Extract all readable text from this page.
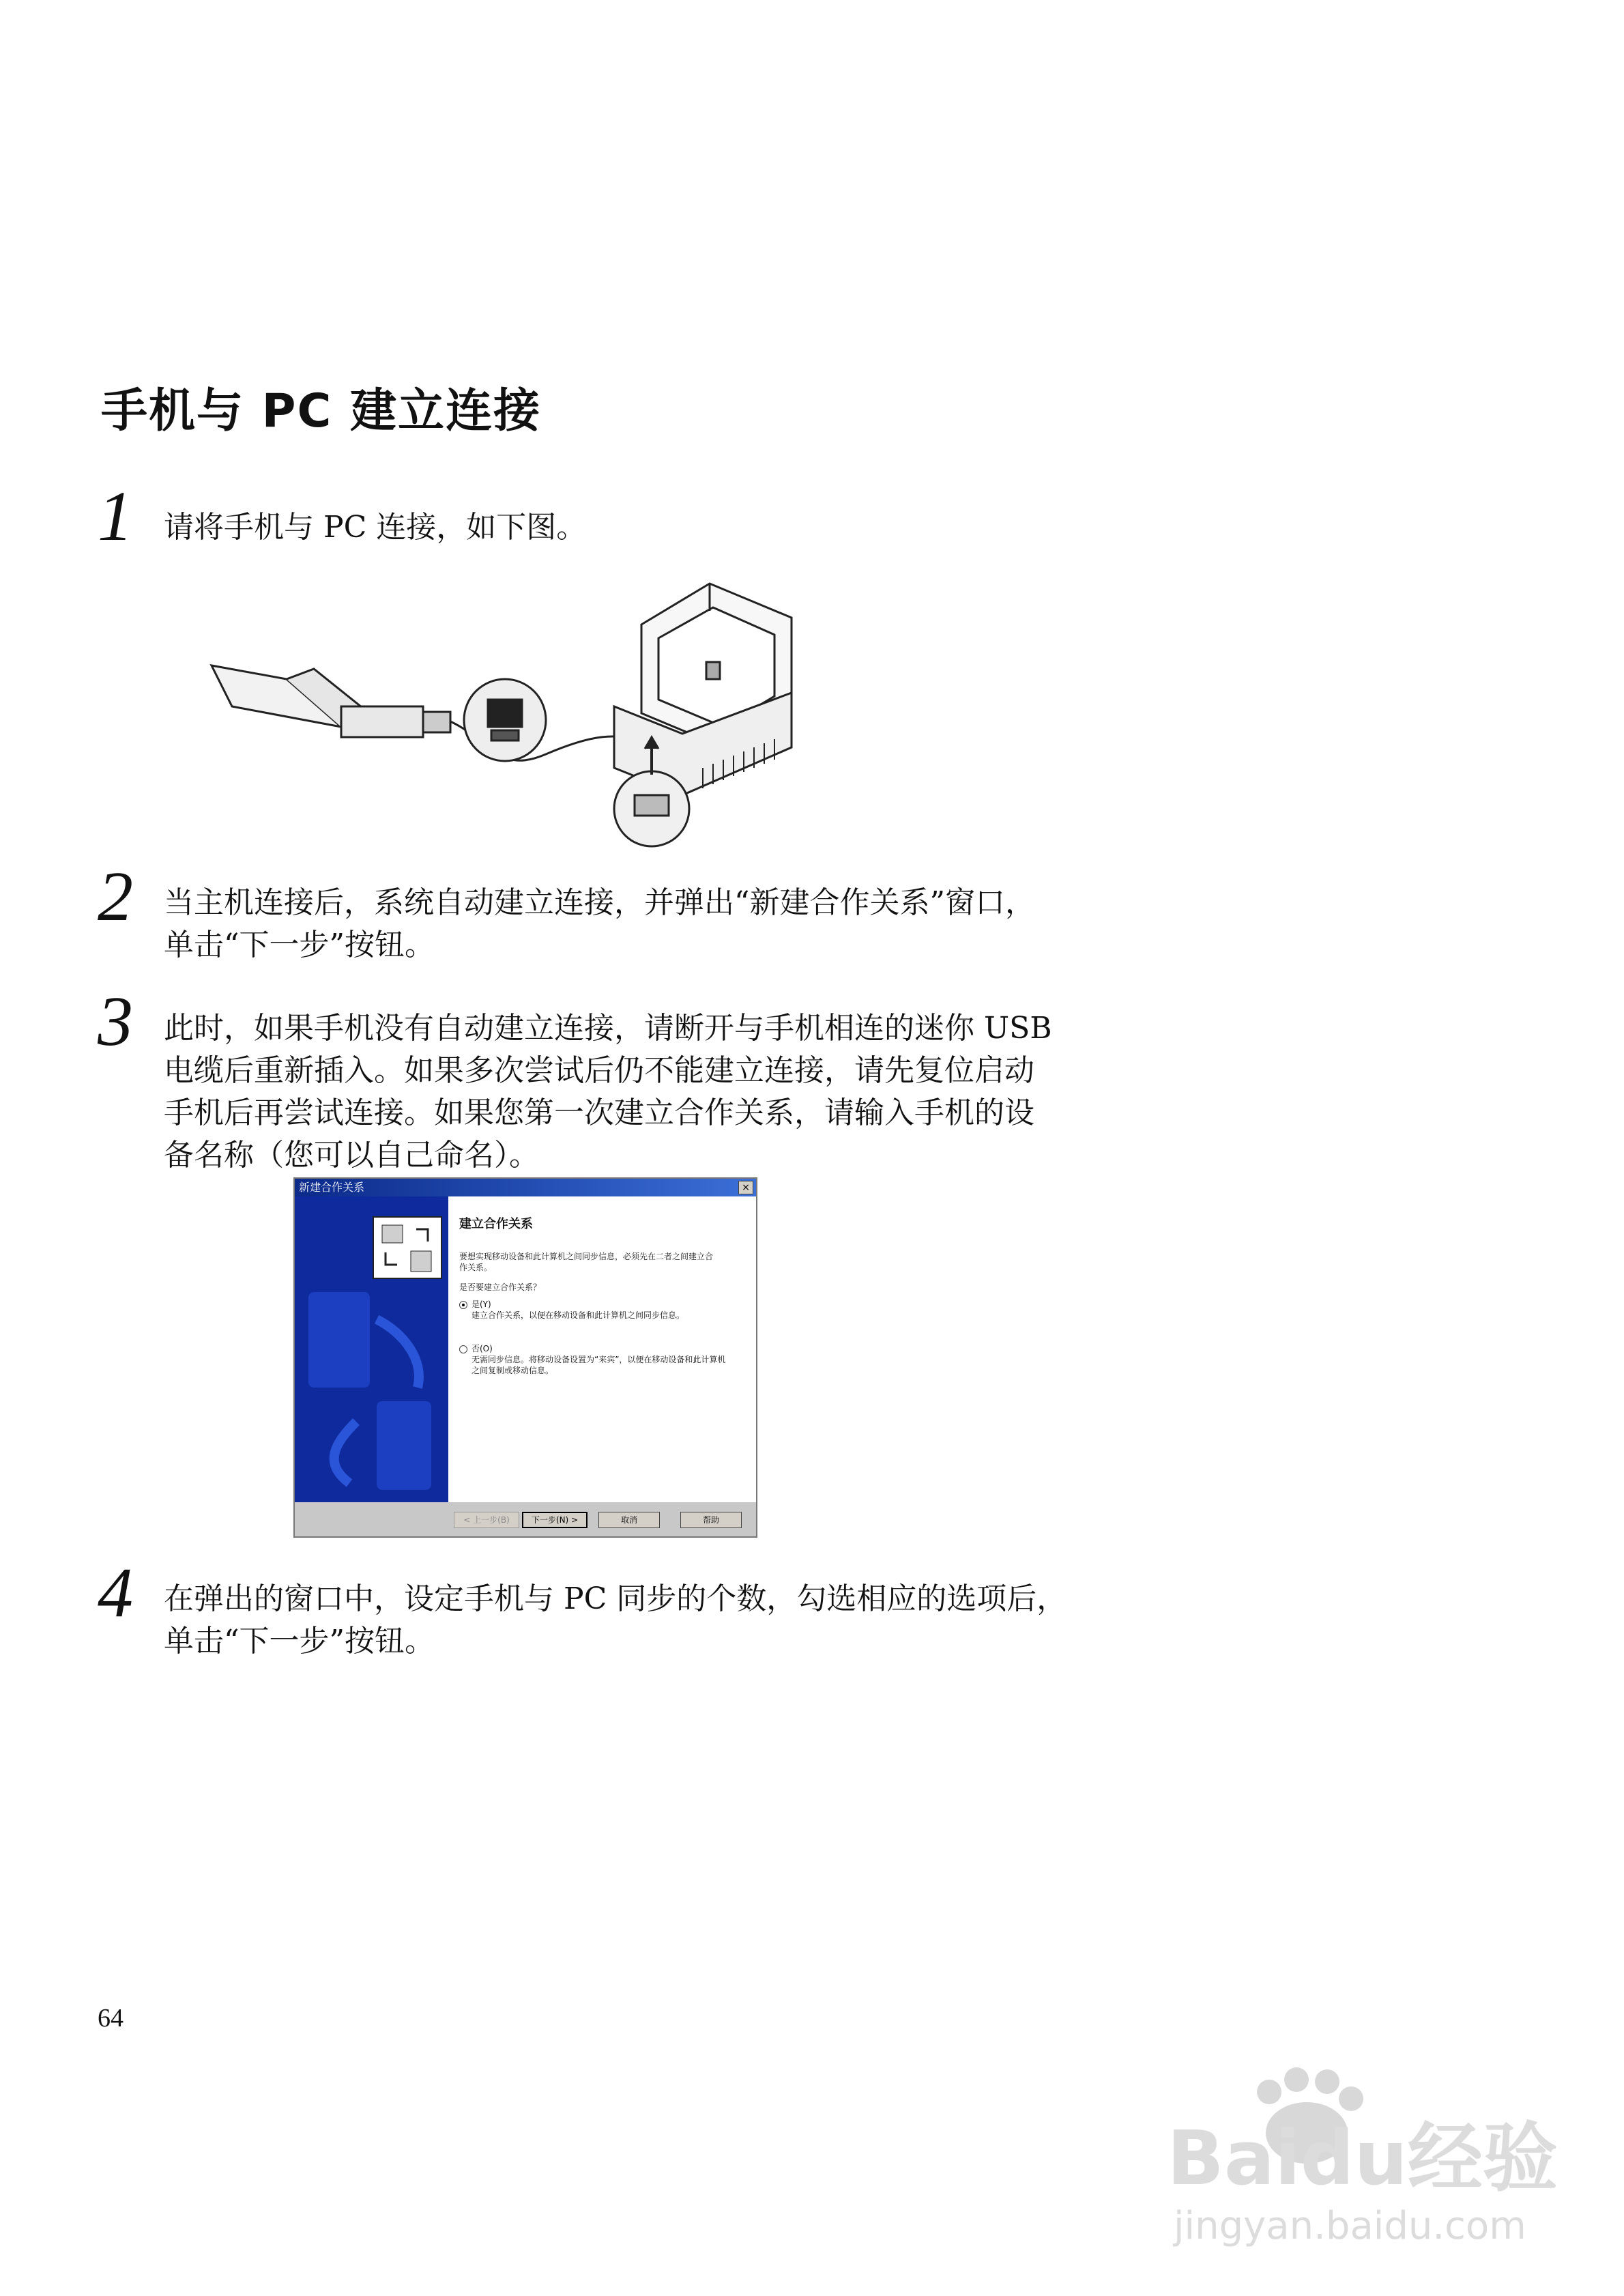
手机与 PC 建立连接
1 请将手机与 PC 连接，如下图。
2 当主机连接后，系统自动建立连接，并弹出“新建合作关系”窗口，
单击“下一步”按钮。
3 此时，如果手机没有自动建立连接，请断开与手机相连的迷你 USB
电缆后重新插入。如果多次尝试后仍不能建立连接，请先复位启动
手机后再尝试连接。如果您第一次建立合作关系，请输入手机的设
备名称（您可以自己命名）。
新建合作关系	×
建立合作关系
要想实现移动设备和此计算机之间同步信息，必须先在二者之间建立合作关系。
是否要建立合作关系？
是(Y)
建立合作关系，以便在移动设备和此计算机之间同步信息。
否(O)
无需同步信息。将移动设备设置为“来宾”，以便在移动设备和此计算机之间复制或移动信息。
< 上一步(B)	下一步(N) >	取消	帮助
4 在弹出的窗口中，设定手机与 PC 同步的个数，勾选相应的选项后，
单击“下一步”按钮。
64
Baidu经验
jingyan.baidu.com
